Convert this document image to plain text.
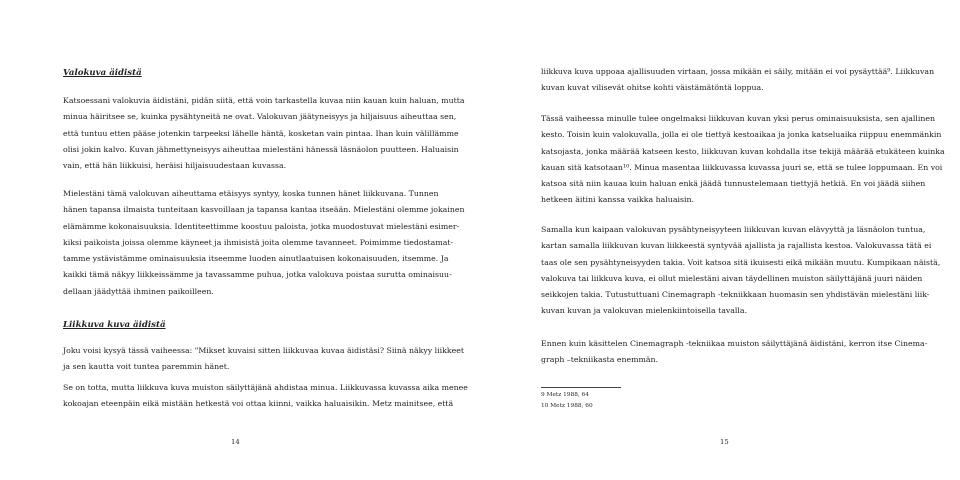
Valokuva äidistä
Katsoessani valokuvia äidistäni, pidän siitä, että voin tarkastella kuvaa niin kauan kuin haluan, mutta
minua häiritsee se, kuinka pysähtyneitä ne ovat. Valokuvan jäätyneisyys ja hiljaisuus aiheuttaa sen,
että tuntuu etten pääse jotenkin tarpeeksi lähelle häntä, kosketan vain pintaa. Ihan kuin välillämme
olisi jokin kalvo. Kuvan jähmettyneisyys aiheuttaa mielestäni hänessä läsnäolon puutteen. Haluaisin
vain, että hän liikkuisi, heräisi hiljaisuudestaan kuvassa.
Mielestäni tämä valokuvan aiheuttama etäisyys syntyy, koska tunnen hänet liikkuvana. Tunnen
hänen tapansa ilmaista tunteitaan kasvoillaan ja tapansa kantaa itseään. Mielestäni olemme jokainen
elämämme kokonaisuuksia. Identiteettimme koostuu paloista, jotka muodostuvat mielestäni esimer-
kiksi paikoista joissa olemme käyneet ja ihmisistä joita olemme tavanneet. Poimimme tiedostamat-
tamme ystävistämme ominaisuuksia itseemme luoden ainutlaatuisen kokonaisuuden, itsemme. Ja
kaikki tämä näkyy liikkeissämme ja tavassamme puhua, jotka valokuva poistaa surutta ominaisuu-
dellaan jäädyttää ihminen paikoilleen.
Liikkuva kuva äidistä
Joku voisi kysyä tässä vaiheessa: "Mikset kuvaisi sitten liikkuvaa kuvaa äidistäsi? Siinä näkyy liikkeet
ja sen kautta voit tuntea paremmin hänet.
Se on totta, mutta liikkuva kuva muiston säilyttäjänä ahdistaa minua. Liikkuvassa kuvassa aika menee
kokoajan eteenpäin eikä mistään hetkestä voi ottaa kiinni, vaikka haluaisikin. Metz mainitsee, että
14
liikkuva kuva uppoaa ajallisuuden virtaan, jossa mikään ei säily, mitään ei voi pysäyttää⁹. Liikkuvan
kuvan kuvat vilisevät ohitse kohti väistämätöntä loppua.
Tässä vaiheessa minulle tulee ongelmaksi liikkuvan kuvan yksi perus ominaisuuksista, sen ajallinen
kesto. Toisin kuin valokuvalla, jolla ei ole tiettyä kestoaikaa ja jonka katseluaika riippuu enemmänkin
katsojasta, jonka määrää katseen kesto, liikkuvan kuvan kohdalla itse tekijä määrää etukäteen kuinka
kauan sitä katsotaan¹⁰. Minua masentaa liikkuvassa kuvassa juuri se, että se tulee loppumaan. En voi
katsoa sitä niin kauaa kuin haluan enkä jäädä tunnustelemaan tiettyjä hetkiä. En voi jäädä siihen
hetkeen äitini kanssa vaikka haluaisin.
Samalla kun kaipaan valokuvan pysähtyneisyyteen liikkuvan kuvan elävyyttä ja läsnäolon tuntua,
kartan samalla liikkuvan kuvan liikkeestä syntyvää ajallista ja rajallista kestoa. Valokuvassa tätä ei
taas ole sen pysähtyneisyyden takia. Voit katsoa sitä ikuisesti eikä mikään muutu. Kumpikaan näistä,
valokuva tai liikkuva kuva, ei ollut mielestäni aivan täydellinen muiston säilyttäjänä juuri näiden
seikkojen takia. Tutustuttuani Cinemagraph -tekniikkaan huomasin sen yhdistävän mielestäni liik-
kuvan kuvan ja valokuvan mielenkiintoisella tavalla.
Ennen kuin käsittelen Cinemagraph -tekniikaa muiston säilyttäjänä äidistäni, kerron itse Cinema-
graph –tekniikasta enemmän.
9 Metz 1988, 64
10 Metz 1988, 60
15
